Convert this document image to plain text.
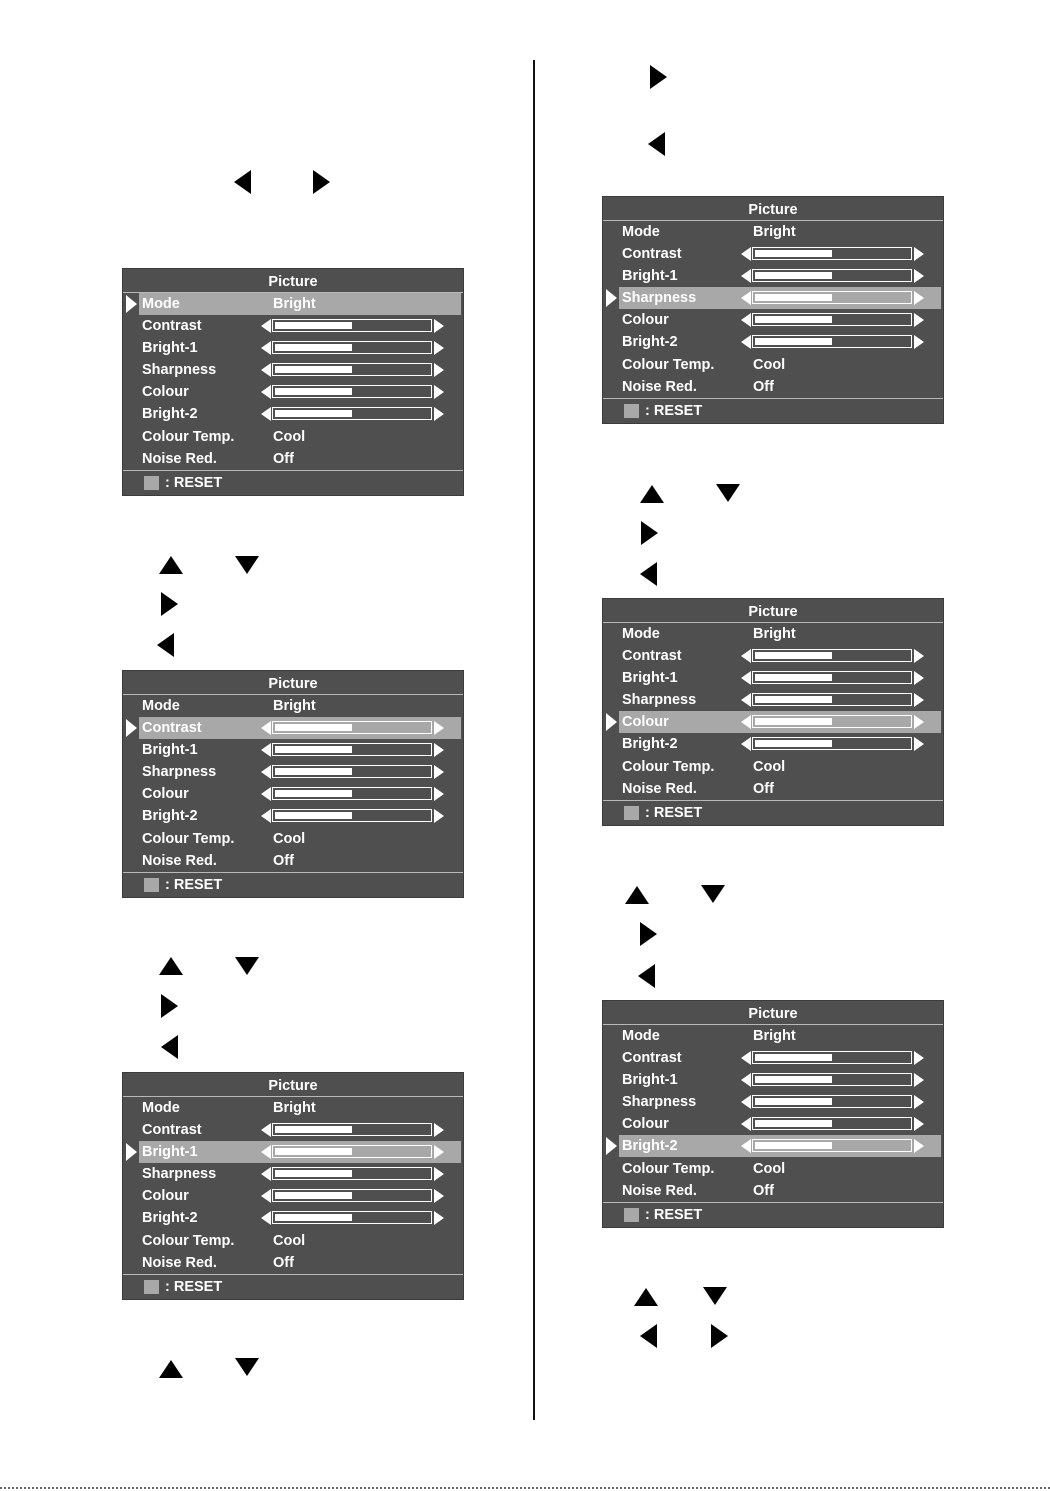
Picture
Mode	Bright
Contrast
Bright-1
Sharpness
Colour
Bright-2
Colour Temp.	Cool
Noise Red.	Off
: RESET
Picture
Mode	Bright
Contrast
Bright-1
Sharpness
Colour
Bright-2
Colour Temp.	Cool
Noise Red.	Off
: RESET
Picture
Mode	Bright
Contrast
Bright-1
Sharpness
Colour
Bright-2
Colour Temp.	Cool
Noise Red.	Off
: RESET
Picture
Mode	Bright
Contrast
Bright-1
Sharpness
Colour
Bright-2
Colour Temp.	Cool
Noise Red.	Off
: RESET
Picture
Mode	Bright
Contrast
Bright-1
Sharpness
Colour
Bright-2
Colour Temp.	Cool
Noise Red.	Off
: RESET
Picture
Mode	Bright
Contrast
Bright-1
Sharpness
Colour
Bright-2
Colour Temp.	Cool
Noise Red.	Off
: RESET
